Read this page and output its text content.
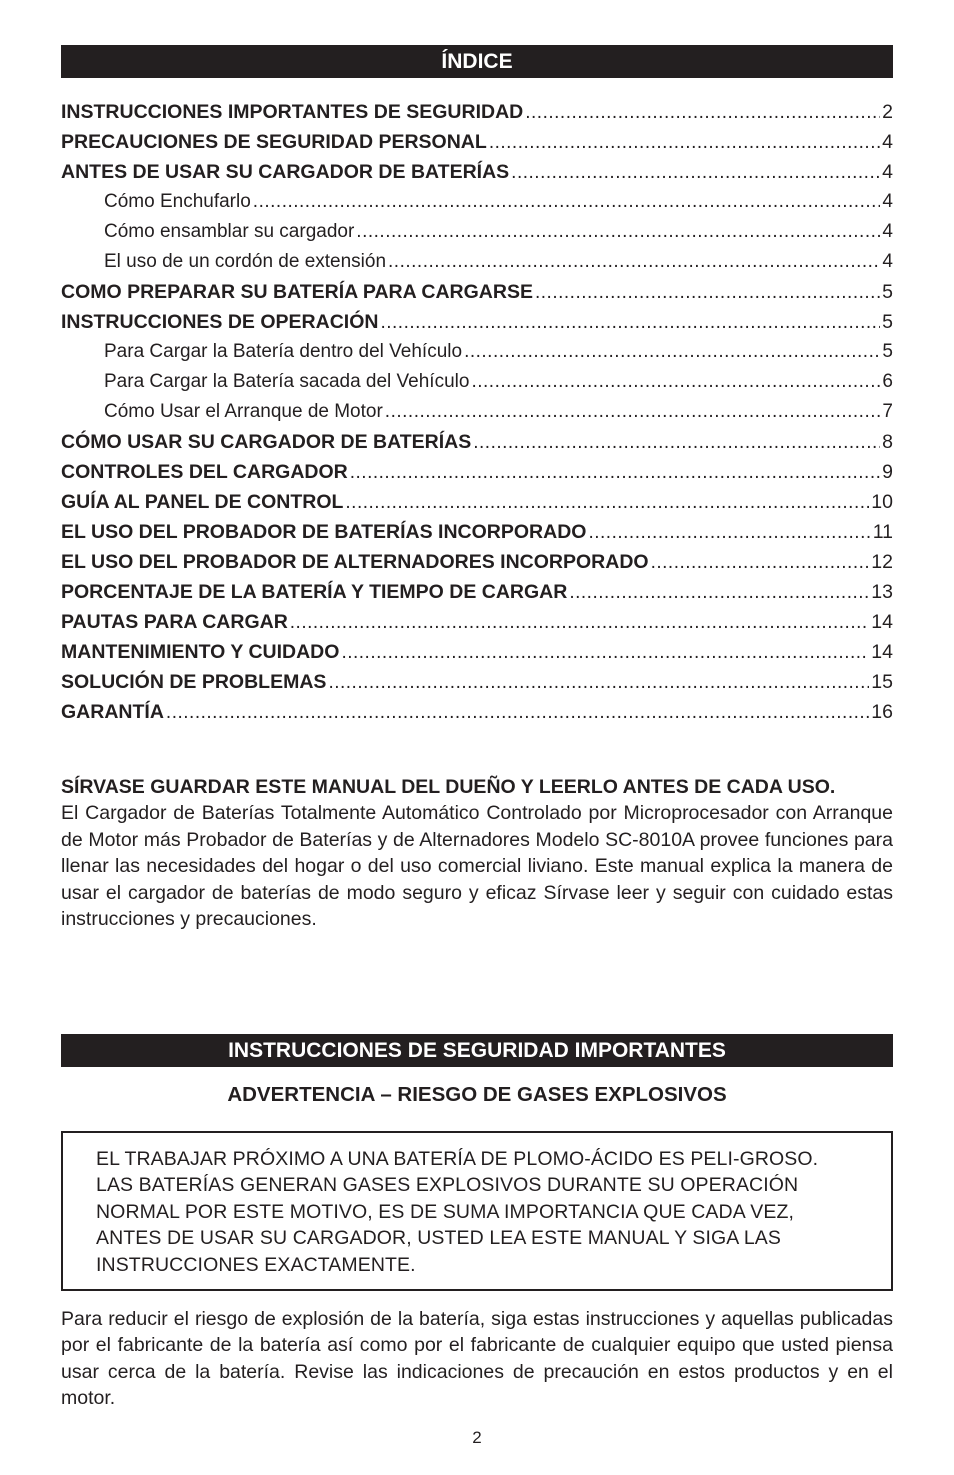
ÍNDICE
INSTRUCCIONES IMPORTANTES DE SEGURIDAD .....	2
PRECAUCIONES DE SEGURIDAD PERSONAL .....	4
ANTES DE USAR SU CARGADOR DE BATERÍAS .....	4
Cómo Enchufarlo .....	4
Cómo ensamblar su cargador .....	4
El uso de un cordón de extensión .....	4
COMO PREPARAR SU BATERÍA PARA CARGARSE .....	5
INSTRUCCIONES DE OPERACIÓN .....	5
Para Cargar la Batería dentro del Vehículo .....	5
Para Cargar la Batería sacada del Vehículo .....	6
Cómo Usar el Arranque de Motor .....	7
CÓMO USAR SU CARGADOR DE BATERÍAS .....	8
CONTROLES DEL CARGADOR .....	9
GUÍA AL PANEL DE CONTROL .....	10
EL USO DEL PROBADOR DE BATERÍAS INCORPORADO .....	11
EL USO DEL PROBADOR DE ALTERNADORES INCORPORADO .....	12
PORCENTAJE DE LA BATERÍA Y TIEMPO DE CARGAR .....	13
PAUTAS PARA CARGAR .....	14
MANTENIMIENTO Y CUIDADO .....	14
SOLUCIÓN DE PROBLEMAS .....	15
GARANTÍA .....	16
SÍRVASE GUARDAR ESTE MANUAL DEL DUEÑO Y LEERLO ANTES DE CADA USO.
El Cargador de Baterías Totalmente Automático Controlado por Microprocesador con Arranque de Motor más Probador de Baterías y de Alternadores Modelo SC-8010A provee funciones para llenar las necesidades del hogar o del uso comercial liviano. Este manual explica la manera de usar el cargador de baterías de modo seguro y eficaz Sírvase leer y seguir con cuidado estas instrucciones y precauciones.
INSTRUCCIONES DE SEGURIDAD IMPORTANTES
ADVERTENCIA – RIESGO DE GASES EXPLOSIVOS
EL TRABAJAR PRÓXIMO A UNA BATERÍA DE PLOMO-ÁCIDO ES PELI-GROSO. LAS BATERÍAS GENERAN GASES EXPLOSIVOS DURANTE SU OPERACIÓN NORMAL POR ESTE MOTIVO, ES DE SUMA IMPORTANCIA QUE CADA VEZ, ANTES DE USAR SU CARGADOR, USTED LEA ESTE MANUAL Y SIGA LAS INSTRUCCIONES EXACTAMENTE.
Para reducir el riesgo de explosión de la batería, siga estas instrucciones y aquellas publicadas por el fabricante de la batería así como por el fabricante de cualquier equipo que usted piensa usar cerca de la batería. Revise las indicaciones de precaución en estos productos y en el motor.
2
